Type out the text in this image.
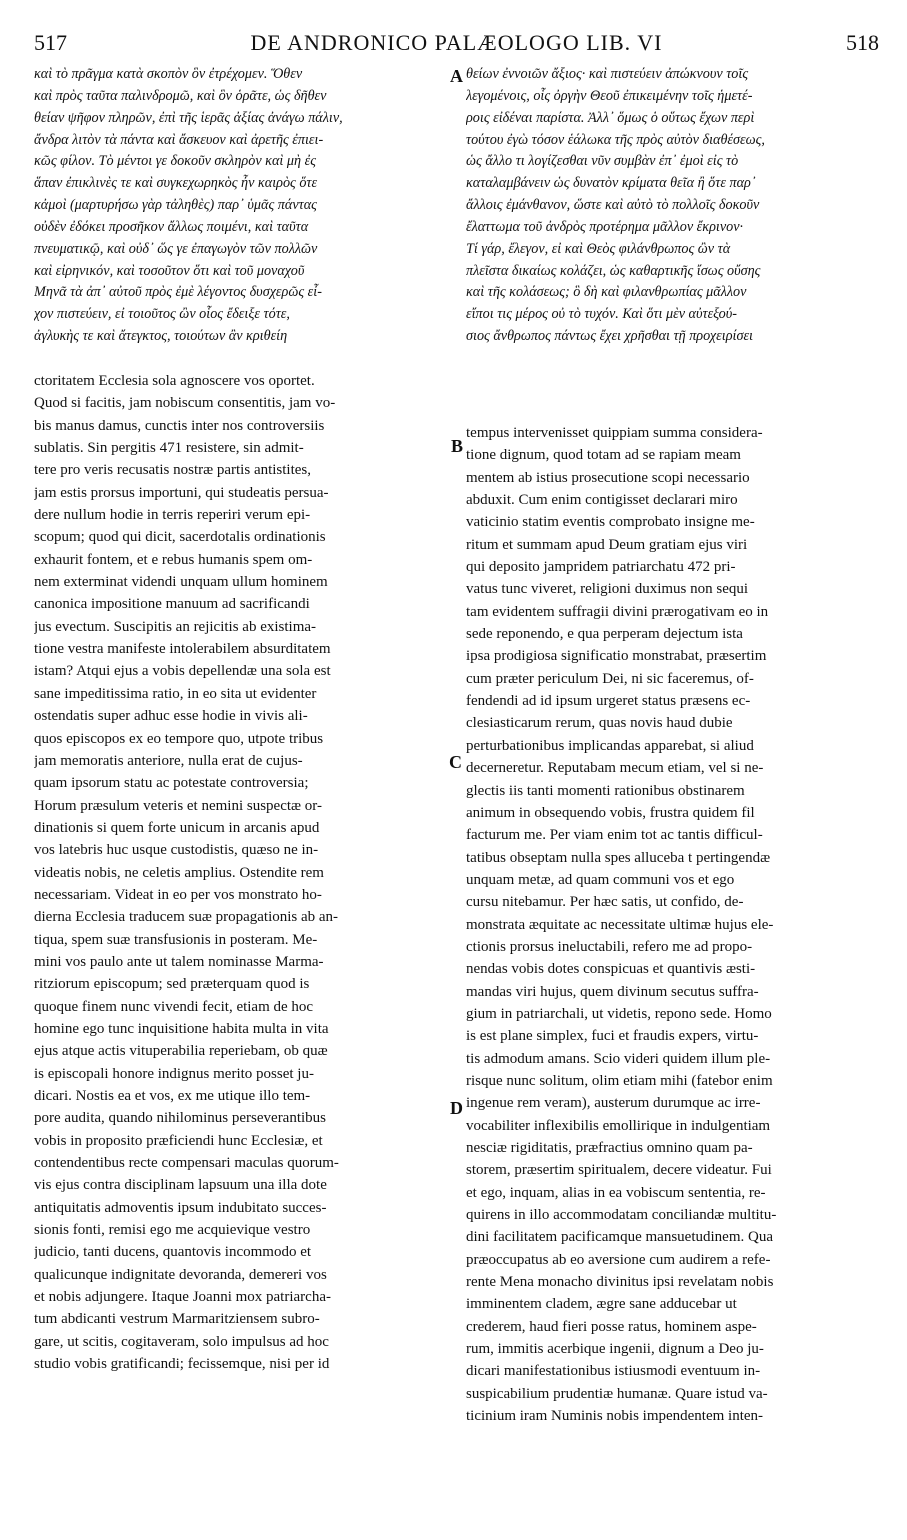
517	DE ANDRONICO PALÆOLOGO LIB. VI	518
καὶ τὸ πρᾶγμα κατὰ σκοπὸν ὃν ἐτρέχομεν. Ὅθεν
καὶ πρὸς ταῦτα παλινδρομῶ, καὶ ὃν ὁρᾶτε, ὡς δῆθεν
θείαν ψῆφον πληρῶν, ἐπὶ τῆς ἱερᾶς ἀξίας ἀνάγω πάλιν,
ἄνδρα λιτὸν τὰ πάντα καὶ ἄσκευον καὶ ἀρετῆς ἐπιει-
κῶς φίλον. Τὸ μέντοι γε δοκοῦν σκληρὸν καὶ μὴ ἐς
ἅπαν ἐπικλινὲς τε καὶ συγκεχωρηκὸς ἦν καιρὸς ὅτε
κἀμοὶ (μαρτυρήσω γὰρ τἀληθὲς) παρ᾽ ὑμᾶς πάντας
οὐδὲν ἐδόκει προσῆκον ἄλλως ποιμένι, καὶ ταῦτα
πνευματικῷ, καὶ οὐδ᾽ ὥς γε ἐπαγωγὸν τῶν πολλῶν
καὶ εἰρηνικόν, καὶ τοσοῦτον ὅτι καὶ τοῦ μοναχοῦ
Μηνᾶ τὰ ἀπ᾽ αὐτοῦ πρὸς ἐμὲ λέγοντος δυσχερῶς εἶ-
χον πιστεύειν, εἰ τοιοῦτος ὢν οἷος ἔδειξε τότε,
ἀγλυκὴς τε καὶ ἄτεγκτος, τοιούτων ἂν κριθείη
θείων ἐννοιῶν ἄξιος· καὶ πιστεύειν ἀπώκνουν τοῖς
λεγομένοις, οἷς ὀργὴν Θεοῦ ἐπικειμένην τοῖς ἡμετέ-
ροις εἰδέναι παρίστα. Ἀλλ᾽ ὅμως ὁ οὕτως ἔχων περὶ
τούτου ἐγὼ τόσον ἑάλωκα τῆς πρὸς αὐτὸν διαθέσεως,
ὡς ἄλλο τι λογίζεσθαι νῦν συμβὰν ἐπ᾽ ἐμοὶ εἰς τὸ
καταλαμβάνειν ὡς δυνατὸν κρίματα θεῖα ἢ ὅτε παρ᾽
ἄλλοις ἐμάνθανον, ὥστε καὶ αὐτὸ τὸ πολλοῖς δοκοῦν
ἔλαττωμα τοῦ ἀνδρὸς προτέρημα μᾶλλον ἔκρινον·
Τί γάρ, ἔλεγον, εἰ καὶ Θεὸς φιλάνθρωπος ὢν τὰ
πλεῖστα δικαίως κολάζει, ὡς καθαρτικῆς ἴσως οὔσης
καὶ τῆς κολάσεως; ὃ δὴ καὶ φιλανθρωπίας μᾶλλον
εἴποι τις μέρος οὐ τὸ τυχόν. Καὶ ὅτι μὲν αὐτεξού-
σιος ἄνθρωπος πάντως ἔχει χρῆσθαι τῇ προχειρίσει
ctoritatem Ecclesia sola agnoscere vos oportet.
Quod si facitis, jam nobiscum consentitis, jam vo-
bis manus damus, cunctis inter nos controversiis
sublatis. Sin pergitis 471 resistere, sin admit-
tere pro veris recusatis nostræ partis antistites,
jam estis prorsus importuni, qui studeatis persua-
dere nullum hodie in terris reperiri verum epi-
scopum; quod qui dicit, sacerdotalis ordinationis
exhaurit fontem, et e rebus humanis spem om-
nem exterminat videndi unquam ullum hominem
canonica impositione manuum ad sacrificandi
jus evectum. Suscipitis an rejicitis ab existima-
tione vestra manifeste intolerabilem absurditatem
istam? Atqui ejus a vobis depellendæ una sola est
sane impeditissima ratio, in eo sita ut evidenter
ostendatis super adhuc esse hodie in vivis ali-
quos episcopos ex eo tempore quo, utpote tribus
jam memoratis anteriore, nulla erat de cujus-
quam ipsorum statu ac potestate controversia;
Horum præsulum veteris et nemini suspectæ or-
dinationis si quem forte unicum in arcanis apud
vos latebris huc usque custodistis, quæso ne in-
videatis nobis, ne celetis amplius. Ostendite rem
necessariam. Videat in eo per vos monstrato ho-
dierna Ecclesia traducem suæ propagationis ab an-
tiqua, spem suæ transfusionis in posteram. Me-
mini vos paulo ante ut talem nominasse Marma-
ritziorum episcopum; sed præterquam quod is
quoque finem nunc vivendi fecit, etiam de hoc
homine ego tunc inquisitione habita multa in vita
ejus atque actis vituperabilia reperiebam, ob quæ
is episcopali honore indignus merito posset ju-
dicari. Nostis ea et vos, ex me utique illo tem-
pore audita, quando nihilominus perseverantibus
vobis in proposito præficiendi hunc Ecclesiæ, et
contendentibus recte compensari maculas quorum-
vis ejus contra disciplinam lapsuum una illa dote
antiquitatis admoventis ipsum indubitato succes-
sionis fonti, remisi ego me acquievique vestro
judicio, tanti ducens, quantovis incommodo et
qualicunque indignitate devoranda, demereri vos
et nobis adjungere. Itaque Joanni mox patriarcha-
tum abdicanti vestrum Marmaritziensem subro-
gare, ut scitis, cogitaveram, solo impulsus ad hoc
studio vobis gratificandi; fecissemque, nisi per id
tempus intervenisset quippiam summa considera-
tione dignum, quod totam ad se rapiam meam
mentem ab istius prosecutione scopi necessario
abduxit. Cum enim contigisset declarari miro
vaticinio statim eventis comprobato insigne me-
ritum et summam apud Deum gratiam ejus viri
qui deposito jampridem patriarchatu 472 pri-
vatus tunc viveret, religioni duximus non sequi
tam evidentem suffragii divini prærogativam eo in
sede reponendo, e qua perperam dejectum ista
ipsa prodigiosa significatio monstrabat, præsertim
cum præter periculum Dei, ni sic faceremus, of-
fendendi ad id ipsum urgeret status præsens ec-
clesiasticarum rerum, quas novis haud dubie
perturbationibus implicandas apparebat, si aliud
decerneretur. Reputabam mecum etiam, vel si ne-
glectis iis tanti momenti rationibus obstinarem
animum in obsequendo vobis, frustra quidem fil
facturum me. Per viam enim tot ac tantis difficul-
tatibus obseptam nulla spes alluceba t pertingendæ
unquam metæ, ad quam communi vos et ego
cursu nitebamur. Per hæc satis, ut confido, de-
monstrata æquitate ac necessitate ultimæ hujus ele-
ctionis prorsus ineluctabili, refero me ad propo-
nendas vobis dotes conspicuas et quantivis æsti-
mandas viri hujus, quem divinum secutus suffra-
gium in patriarchali, ut videtis, repono sede. Homo
is est plane simplex, fuci et fraudis expers, virtu-
tis admodum amans. Scio videri quidem illum ple-
risque nunc solitum, olim etiam mihi (fatebor enim
ingenue rem veram), austerum durumque ac irre-
vocabiliter inflexibilis emollirique in indulgentiam
nesciæ rigiditatis, præfractius omnino quam pa-
storem, præsertim spiritualem, decere videatur. Fui
et ego, inquam, alias in ea vobiscum sententia, re-
quirens in illo accommodatam conciliandæ multitu-
dini facilitatem pacificamque mansuetudinem. Qua
præoccupatus ab eo aversione cum audirem a refe-
rente Mena monacho divinitus ipsi revelatam nobis
imminentem cladem, ægre sane adducebar ut
crederem, haud fieri posse ratus, hominem aspe-
rum, immitis acerbique ingenii, dignum a Deo ju-
dicari manifestationibus istiusmodi eventuum in-
suspicabilium prudentiæ humanæ. Quare istud va-
ticinium iram Numinis nobis impendentem inten-
A
B
C
D
